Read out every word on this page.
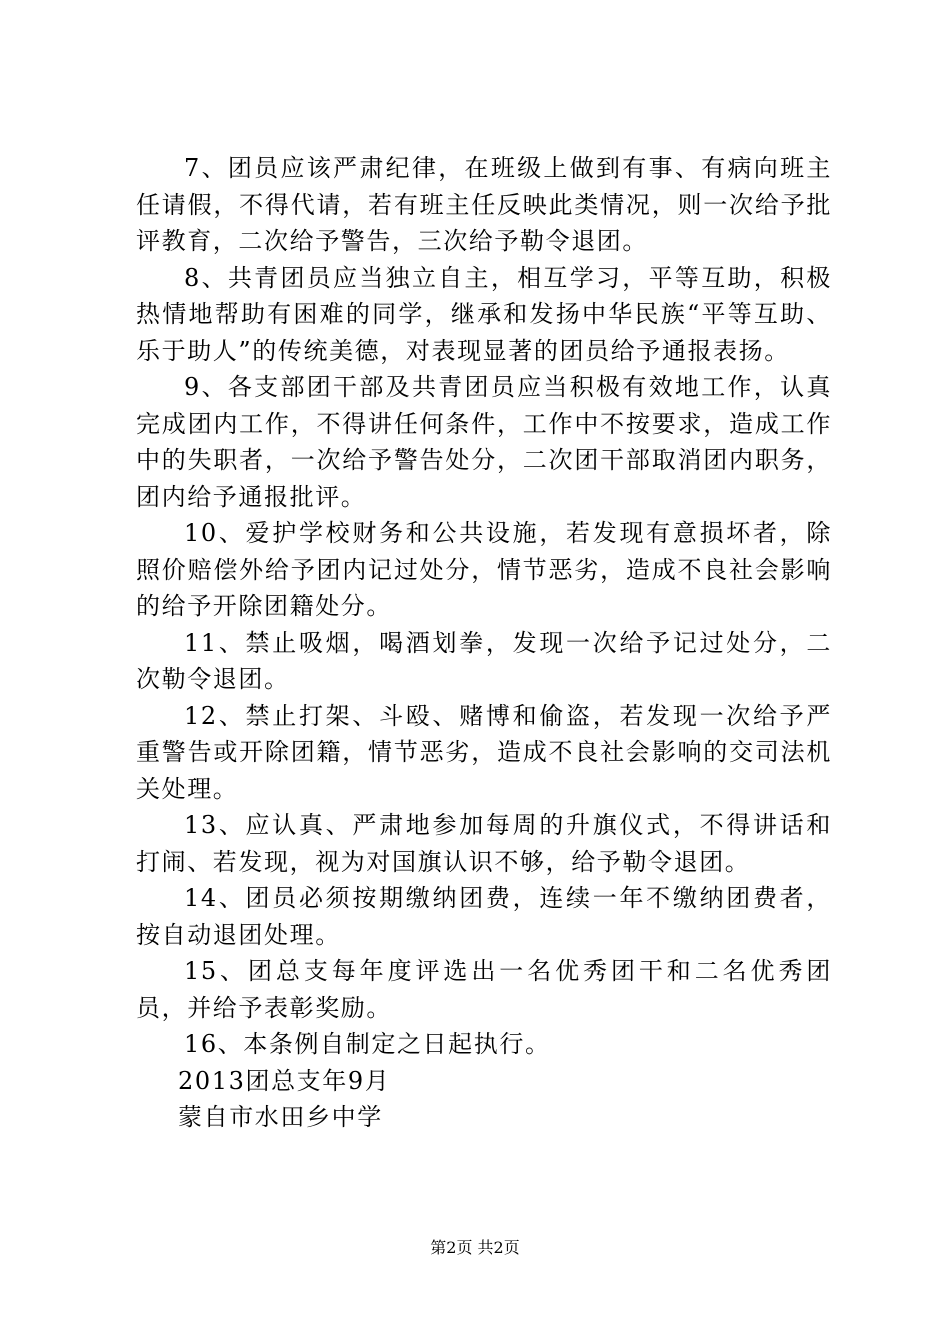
7、团员应该严肃纪律，在班级上做到有事、有病向班主任请假，不得代请，若有班主任反映此类情况，则一次给予批评教育，二次给予警告，三次给予勒令退团。

8、共青团员应当独立自主，相互学习，平等互助，积极热情地帮助有困难的同学，继承和发扬中华民族“平等互助、乐于助人”的传统美德，对表现显著的团员给予通报表扬。

9、各支部团干部及共青团员应当积极有效地工作，认真完成团内工作，不得讲任何条件，工作中不按要求，造成工作中的失职者，一次给予警告处分，二次团干部取消团内职务，团内给予通报批评。

10、爱护学校财务和公共设施，若发现有意损坏者，除照价赔偿外给予团内记过处分，情节恶劣，造成不良社会影响的给予开除团籍处分。

11、禁止吸烟，喝酒划拳，发现一次给予记过处分，二次勒令退团。

12、禁止打架、斗殴、赌博和偷盗，若发现一次给予严重警告或开除团籍，情节恶劣，造成不良社会影响的交司法机关处理。

13、应认真、严肃地参加每周的升旗仪式，不得讲话和打闹、若发现，视为对国旗认识不够，给予勒令退团。

14、团员必须按期缴纳团费，连续一年不缴纳团费者，按自动退团处理。

15、团总支每年度评选出一名优秀团干和二名优秀团员，并给予表彰奖励。

16、本条例自制定之日起执行。

2013团总支年9月

蒙自市水田乡中学

第2页 共2页
